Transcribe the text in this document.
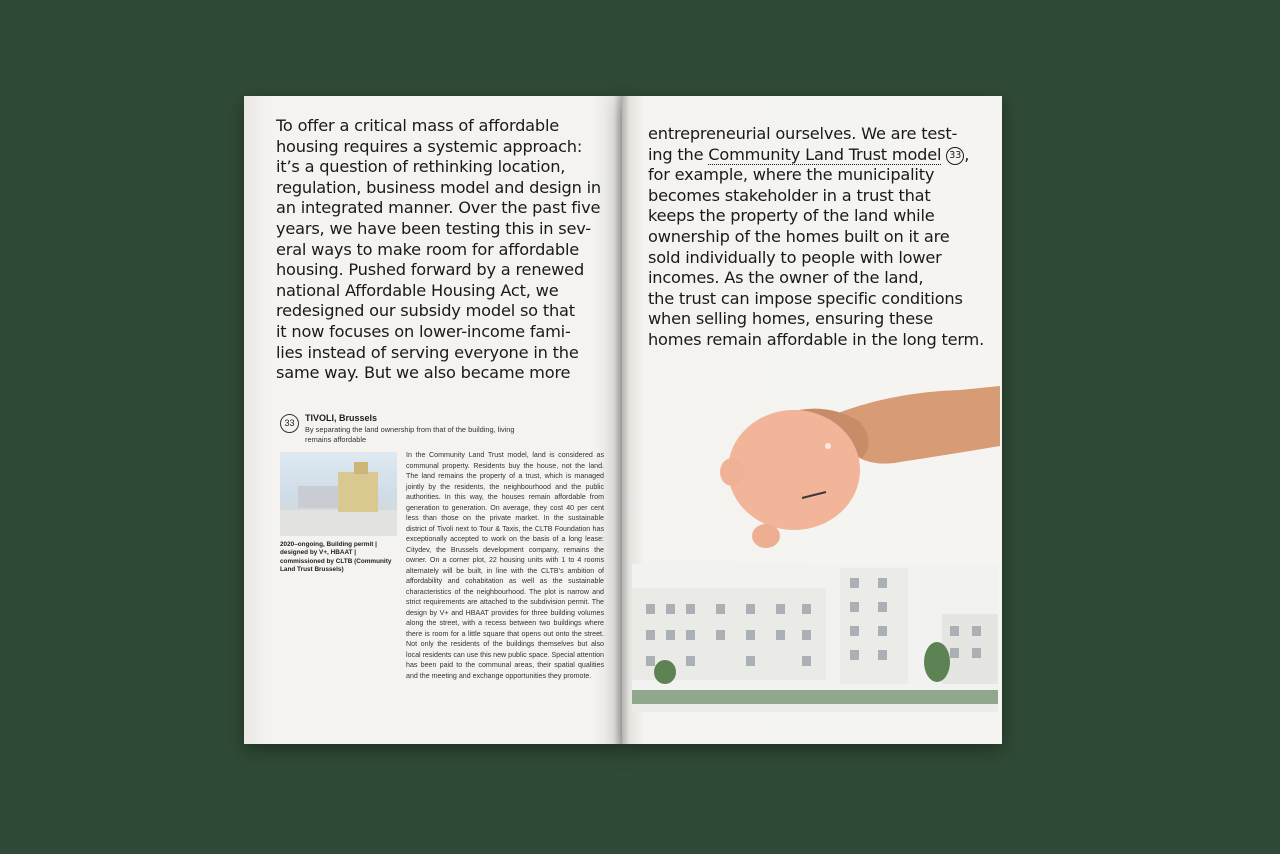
To offer a critical mass of affordable
housing requires a systemic approach:
it’s a question of rethinking location,
regulation, business model and design in
an integrated manner. Over the past five
years, we have been testing this in sev-
eral ways to make room for affordable
housing. Pushed forward by a renewed
national Affordable Housing Act, we
redesigned our subsidy model so that
it now focuses on lower-income fami-
lies instead of serving everyone in the
same way. But we also became more

33	TIVOLI, Brussels
By separating the land ownership from that of the building, living remains affordable
2020–ongoing, Building permit | designed by V+, HBAAT | commissioned by CLTB (Community Land Trust Brussels)

In the Community Land Trust model, land is considered as communal property. Residents buy the house, not the land. The land remains the property of a trust, which is managed jointly by the residents, the neighbourhood and the public authorities. In this way, the houses remain affordable from generation to generation. On average, they cost 40 per cent less than those on the private market. In the sustainable district of Tivoli next to Tour & Taxis, the CLTB Foundation has exceptionally accepted to work on the basis of a long lease: Citydev, the Brussels development company, remains the owner. On a corner plot, 22 housing units with 1 to 4 rooms alternately will be built, in line with the CLTB’s ambition of affordability and cohabitation as well as the sustainable characteristics of the neighbourhood. The plot is narrow and strict requirements are attached to the subdivision permit. The design by V+ and HBAAT provides for three building volumes along the street, with a recess between two buildings where there is room for a little square that opens out onto the street. Not only the residents of the buildings themselves but also local residents can use this new public space. Special attention has been paid to the communal areas, their spatial qualities and the meeting and exchange opportunities they promote.

entrepreneurial ourselves. We are test-
ing the Community Land Trust model 33 ,
for example, where the municipality
becomes stakeholder in a trust that
keeps the property of the land while
ownership of the homes built on it are
sold individually to people with lower
incomes. As the owner of the land,
the trust can impose specific conditions
when selling homes, ensuring these
homes remain affordable in the long term.
